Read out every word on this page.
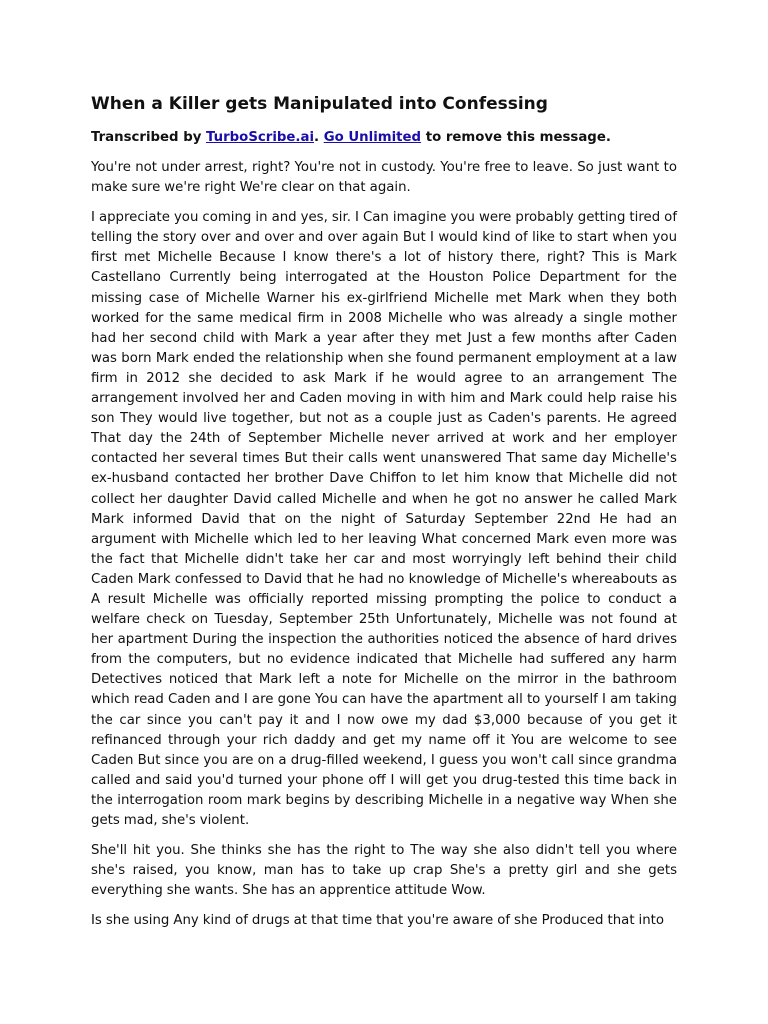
When a Killer gets Manipulated into Confessing

Transcribed by TurboScribe.ai. Go Unlimited to remove this message.

You're not under arrest, right? You're not in custody. You're free to leave. So just want to make sure we're right We're clear on that again.

I appreciate you coming in and yes, sir. I Can imagine you were probably getting tired of telling the story over and over and over again But I would kind of like to start when you first met Michelle Because I know there's a lot of history there, right? This is Mark Castellano Currently being interrogated at the Houston Police Department for the missing case of Michelle Warner his ex-girlfriend Michelle met Mark when they both worked for the same medical firm in 2008 Michelle who was already a single mother had her second child with Mark a year after they met Just a few months after Caden was born Mark ended the relationship when she found permanent employment at a law firm in 2012 she decided to ask Mark if he would agree to an arrangement The arrangement involved her and Caden moving in with him and Mark could help raise his son They would live together, but not as a couple just as Caden's parents. He agreed That day the 24th of September Michelle never arrived at work and her employer contacted her several times But their calls went unanswered That same day Michelle's ex-husband contacted her brother Dave Chiffon to let him know that Michelle did not collect her daughter David called Michelle and when he got no answer he called Mark Mark informed David that on the night of Saturday September 22nd He had an argument with Michelle which led to her leaving What concerned Mark even more was the fact that Michelle didn't take her car and most worryingly left behind their child Caden Mark confessed to David that he had no knowledge of Michelle's whereabouts as A result Michelle was officially reported missing prompting the police to conduct a welfare check on Tuesday, September 25th Unfortunately, Michelle was not found at her apartment During the inspection the authorities noticed the absence of hard drives from the computers, but no evidence indicated that Michelle had suffered any harm Detectives noticed that Mark left a note for Michelle on the mirror in the bathroom which read Caden and I are gone You can have the apartment all to yourself I am taking the car since you can't pay it and I now owe my dad $3,000 because of you get it refinanced through your rich daddy and get my name off it You are welcome to see Caden But since you are on a drug-filled weekend, I guess you won't call since grandma called and said you'd turned your phone off I will get you drug-tested this time back in the interrogation room mark begins by describing Michelle in a negative way When she gets mad, she's violent.

She'll hit you. She thinks she has the right to The way she also didn't tell you where she's raised, you know, man has to take up crap She's a pretty girl and she gets everything she wants. She has an apprentice attitude Wow.

Is she using Any kind of drugs at that time that you're aware of she Produced that into
